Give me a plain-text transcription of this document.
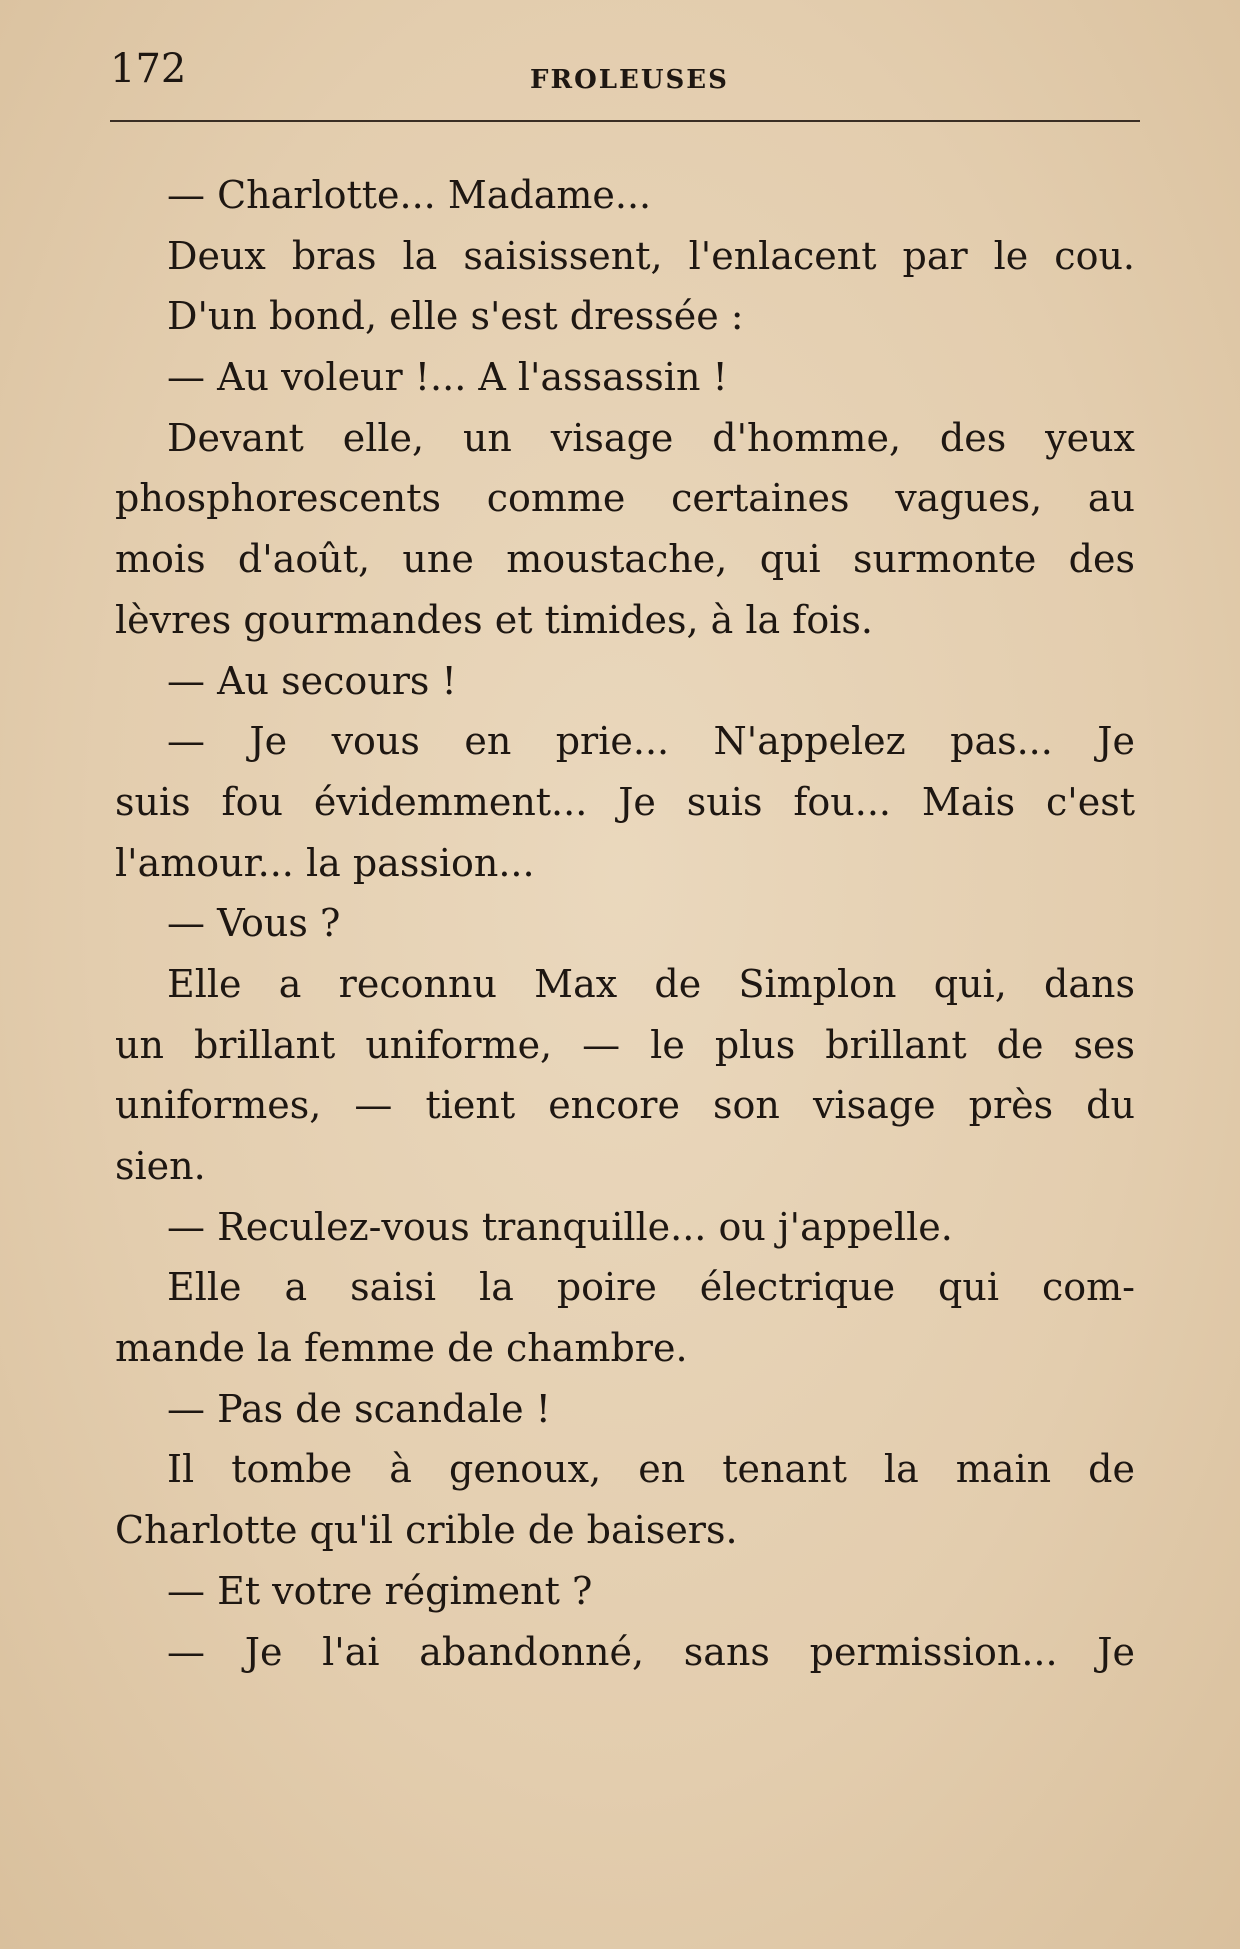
172	FROLEUSES

— Charlotte... Madame...
Deux bras la saisissent, l'enlacent par le cou.
D'un bond, elle s'est dressée :
— Au voleur !... A l'assassin !
Devant elle, un visage d'homme, des yeux
phosphorescents comme certaines vagues, au
mois d'août, une moustache, qui surmonte des
lèvres gourmandes et timides, à la fois.
— Au secours !
— Je vous en prie... N'appelez pas... Je
suis fou évidemment... Je suis fou... Mais c'est
l'amour... la passion...
— Vous ?
Elle a reconnu Max de Simplon qui, dans
un brillant uniforme, — le plus brillant de ses
uniformes, — tient encore son visage près du
sien.
— Reculez-vous tranquille... ou j'appelle.
Elle a saisi la poire électrique qui com-
mande la femme de chambre.
— Pas de scandale !
Il tombe à genoux, en tenant la main de
Charlotte qu'il crible de baisers.
— Et votre régiment ?
— Je l'ai abandonné, sans permission... Je
